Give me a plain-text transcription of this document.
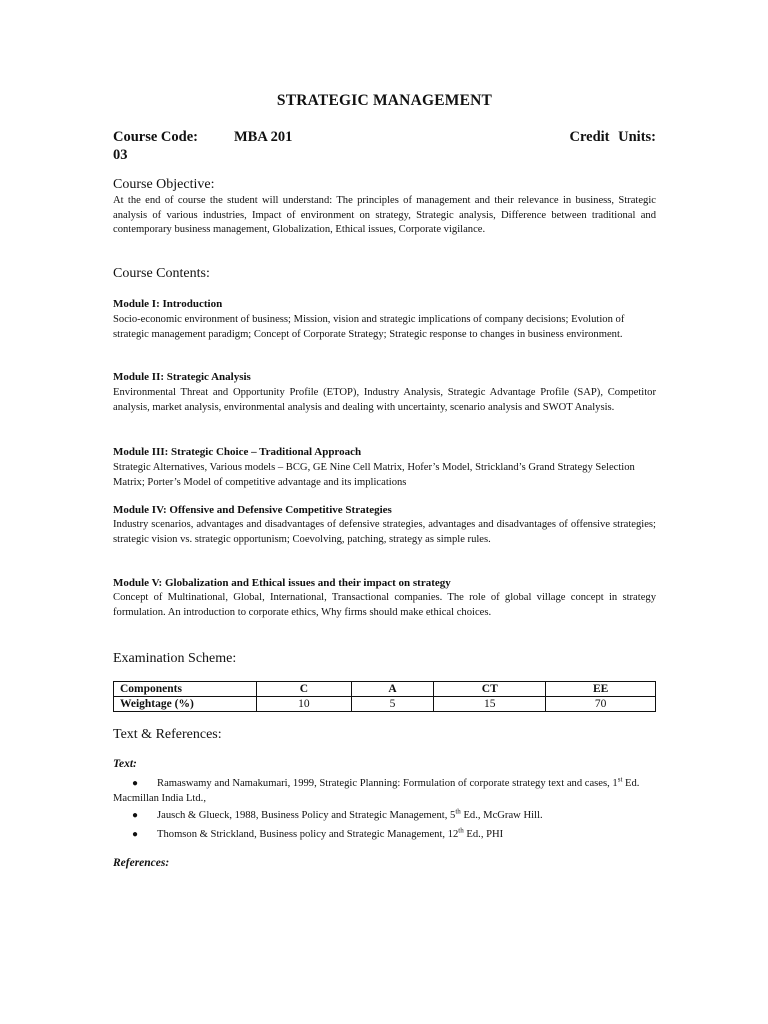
STRATEGIC MANAGEMENT
Course Code: MBA 201	Credit Units:
03
Course Objective:

At the end of course the student will understand: The principles of management and their relevance in business, Strategic analysis of various industries, Impact of environment on strategy, Strategic analysis, Difference between traditional and contemporary business management, Globalization, Ethical issues, Corporate vigilance.

Course Contents:
Module I: Introduction

Socio-economic environment of business; Mission, vision and strategic implications of company decisions; Evolution of strategic management paradigm; Concept of Corporate Strategy; Strategic response to changes in business environment.

Module II: Strategic Analysis

Environmental Threat and Opportunity Profile (ETOP), Industry Analysis, Strategic Advantage Profile (SAP), Competitor analysis, market analysis, environmental analysis and dealing with uncertainty, scenario analysis and SWOT Analysis.

Module III: Strategic Choice – Traditional Approach

Strategic Alternatives, Various models – BCG, GE Nine Cell Matrix, Hofer’s Model, Strickland’s Grand Strategy Selection Matrix; Porter’s Model of competitive advantage and its implications

Module IV: Offensive and Defensive Competitive Strategies

Industry scenarios, advantages and disadvantages of defensive strategies, advantages and disadvantages of offensive strategies; strategic vision vs. strategic opportunism; Coevolving, patching, strategy as simple rules.

Module V: Globalization and Ethical issues and their impact on strategy

Concept of Multinational, Global, International, Transactional companies. The role of global village concept in strategy formulation. An introduction to corporate ethics, Why firms should make ethical choices.

Examination Scheme:
Components	C	A	CT	EE
Weightage (%)	10	5	15	70
Text & References:
Text:
●	Ramaswamy and Namakumari, 1999, Strategic Planning: Formulation of corporate strategy text and cases, 1st Ed. Macmillan India Ltd.,
●	Jausch & Glueck, 1988, Business Policy and Strategic Management, 5th Ed., McGraw Hill.
●	Thomson & Strickland, Business policy and Strategic Management, 12th Ed., PHI
References:
